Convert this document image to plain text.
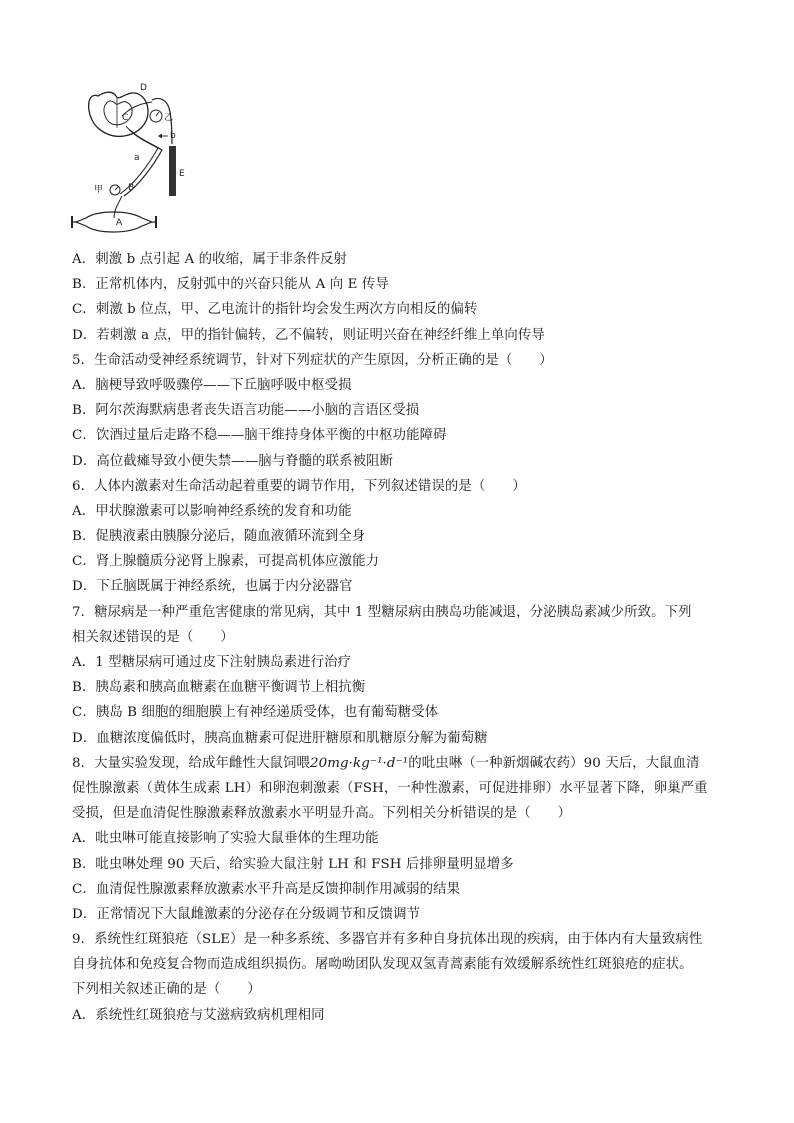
D
乙
C
b
a
E
B
甲
A
A．刺激 b 点引起 A 的收缩，属于非条件反射
B．正常机体内，反射弧中的兴奋只能从 A 向 E 传导
C．刺激 b 位点，甲、乙电流计的指针均会发生两次方向相反的偏转
D．若刺激 a 点，甲的指针偏转，乙不偏转，则证明兴奋在神经纤维上单向传导
5．生命活动受神经系统调节，针对下列症状的产生原因，分析正确的是（　　）
A．脑梗导致呼吸骤停——下丘脑呼吸中枢受损
B．阿尔茨海默病患者丧失语言功能——小脑的言语区受损
C．饮酒过量后走路不稳——脑干维持身体平衡的中枢功能障碍
D．高位截瘫导致小便失禁——脑与脊髓的联系被阻断
6．人体内激素对生命活动起着重要的调节作用，下列叙述错误的是（　　）
A．甲状腺激素可以影响神经系统的发育和功能
B．促胰液素由胰腺分泌后，随血液循环流到全身
C．肾上腺髓质分泌肾上腺素，可提高机体应激能力
D．下丘脑既属于神经系统，也属于内分泌器官
7．糖尿病是一种严重危害健康的常见病，其中 1 型糖尿病由胰岛功能减退，分泌胰岛素减少所致。下列
相关叙述错误的是（　　）
A．1 型糖尿病可通过皮下注射胰岛素进行治疗
B．胰岛素和胰高血糖素在血糖平衡调节上相抗衡
C．胰岛 B 细胞的细胞膜上有神经递质受体，也有葡萄糖受体
D．血糖浓度偏低时，胰高血糖素可促进肝糖原和肌糖原分解为葡萄糖
8．大量实验发现，给成年雌性大鼠饲喂20mg·kg⁻¹·d⁻¹的吡虫啉（一种新烟碱农药）90 天后，大鼠血清
促性腺激素（黄体生成素 LH）和卵泡刺激素（FSH，一种性激素，可促进排卵）水平显著下降，卵巢严重
受损，但是血清促性腺激素释放激素水平明显升高。下列相关分析错误的是（　　）
A．吡虫啉可能直接影响了实验大鼠垂体的生理功能
B．吡虫啉处理 90 天后，给实验大鼠注射 LH 和 FSH 后排卵量明显增多
C．血清促性腺激素释放激素水平升高是反馈抑制作用减弱的结果
D．正常情况下大鼠雌激素的分泌存在分级调节和反馈调节
9．系统性红斑狼疮（SLE）是一种多系统、多器官并有多种自身抗体出现的疾病，由于体内有大量致病性
自身抗体和免疫复合物而造成组织损伤。屠呦呦团队发现双氢青蒿素能有效缓解系统性红斑狼疮的症状。
下列相关叙述正确的是（　　）
A．系统性红斑狼疮与艾滋病致病机理相同
